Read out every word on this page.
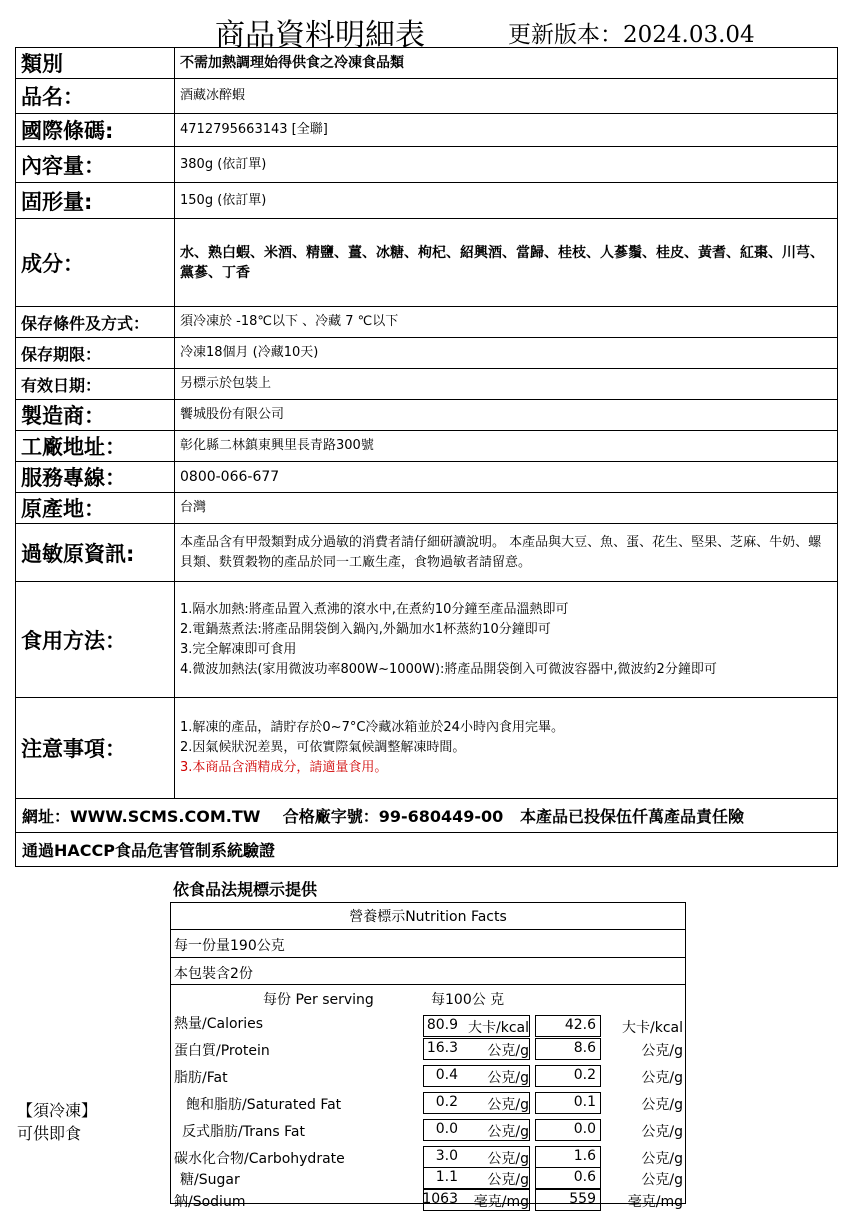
商品資料明細表	更新版本：2024.03.04
類別	不需加熱調理始得供食之冷凍食品類
品名：	酒藏冰醉蝦
國際條碼:	4712795663143 [全聯]
內容量：	380g (依訂單)
固形量:	150g (依訂單)
成分：	水、熟白蝦、米酒、精鹽、薑、冰糖、枸杞、紹興酒、當歸、桂枝、人蔘鬚、桂皮、黃耆、紅棗、川芎、黨蔘、丁香
保存條件及方式：	須冷凍於 -18℃以下 、冷藏 7 ℃以下
保存期限：	冷凍18個月 (冷藏10天)
有效日期：	另標示於包裝上
製造商：	饗城股份有限公司
工廠地址：	彰化縣二林鎮東興里長青路300號
服務專線：	0800-066-677
原產地：	台灣
過敏原資訊:	本產品含有甲殼類對成分過敏的消費者請仔細研讀說明。 本產品與大豆、魚、蛋、花生、堅果、芝麻、牛奶、螺貝類、麩質穀物的產品於同一工廠生產，食物過敏者請留意。
食用方法：	1.隔水加熱:將產品置入煮沸的滾水中,在煮約10分鐘至產品溫熱即可
2.電鍋蒸煮法:將產品開袋倒入鍋內,外鍋加水1杯蒸約10分鐘即可
3.完全解凍即可食用
4.微波加熱法(家用微波功率800W~1000W):將產品開袋倒入可微波容器中,微波約2分鐘即可

注意事項：	1.解凍的產品，請貯存於0~7°C冷藏冰箱並於24小時內食用完畢。
2.因氣候狀況差異，可依實際氣候調整解凍時間。
3.本商品含酒精成分，請適量食用。

網址：WWW.SCMS.COM.TW    合格廠字號：99-680449-00   本產品已投保伍仟萬產品責任險	
通過HACCP食品危害管制系統驗證	
依食品法規標示提供
【須冷凍】
可供即食
營養標示Nutrition Facts
每一份量190公克
本包裝含2份
每份 Per serving	每100公 克
熱量/Calories	80.9 大卡/kcal	42.6	大卡/kcal
蛋白質/Protein	16.3	公克/g	8.6	公克/g
脂肪/Fat	0.4	公克/g	0.2	公克/g
飽和脂肪/Saturated Fat	0.2	公克/g	0.1	公克/g
反式脂肪/Trans Fat	0.0	公克/g	0.0	公克/g
碳水化合物/Carbohydrate	3.0	公克/g	1.6	公克/g
糖/Sugar	1.1	公克/g	0.6	公克/g
鈉/Sodium	1063	毫克/mg	559	毫克/mg
